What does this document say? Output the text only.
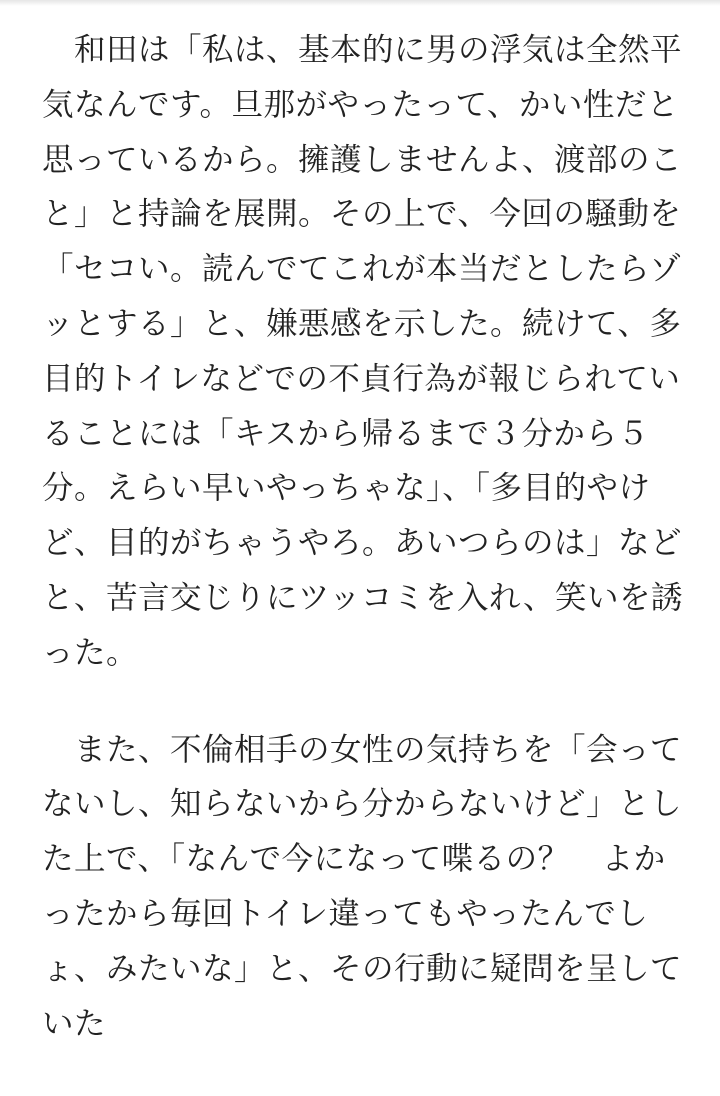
和田は「私は、基本的に男の浮気は全然平
気なんです。旦那がやったって、かい性だと
思っているから。擁護しませんよ、渡部のこ
と」と持論を展開。その上で、今回の騒動を
「セコい。読んでてこれが本当だとしたらゾ
ッとする」と、嫌悪感を示した。続けて、多
目的トイレなどでの不貞行為が報じられてい
ることには「キスから帰るまで３分から５
分。えらい早いやっちゃな」、「多目的やけ
ど、目的がちゃうやろ。あいつらのは」など
と、苦言交じりにツッコミを入れ、笑いを誘
った。

また、不倫相手の女性の気持ちを「会って
ないし、知らないから分からないけど」とし
た上で、「なんで今になって喋るの？　よか
ったから毎回トイレ違ってもやったんでし
ょ、みたいな」と、その行動に疑問を呈して
いた
